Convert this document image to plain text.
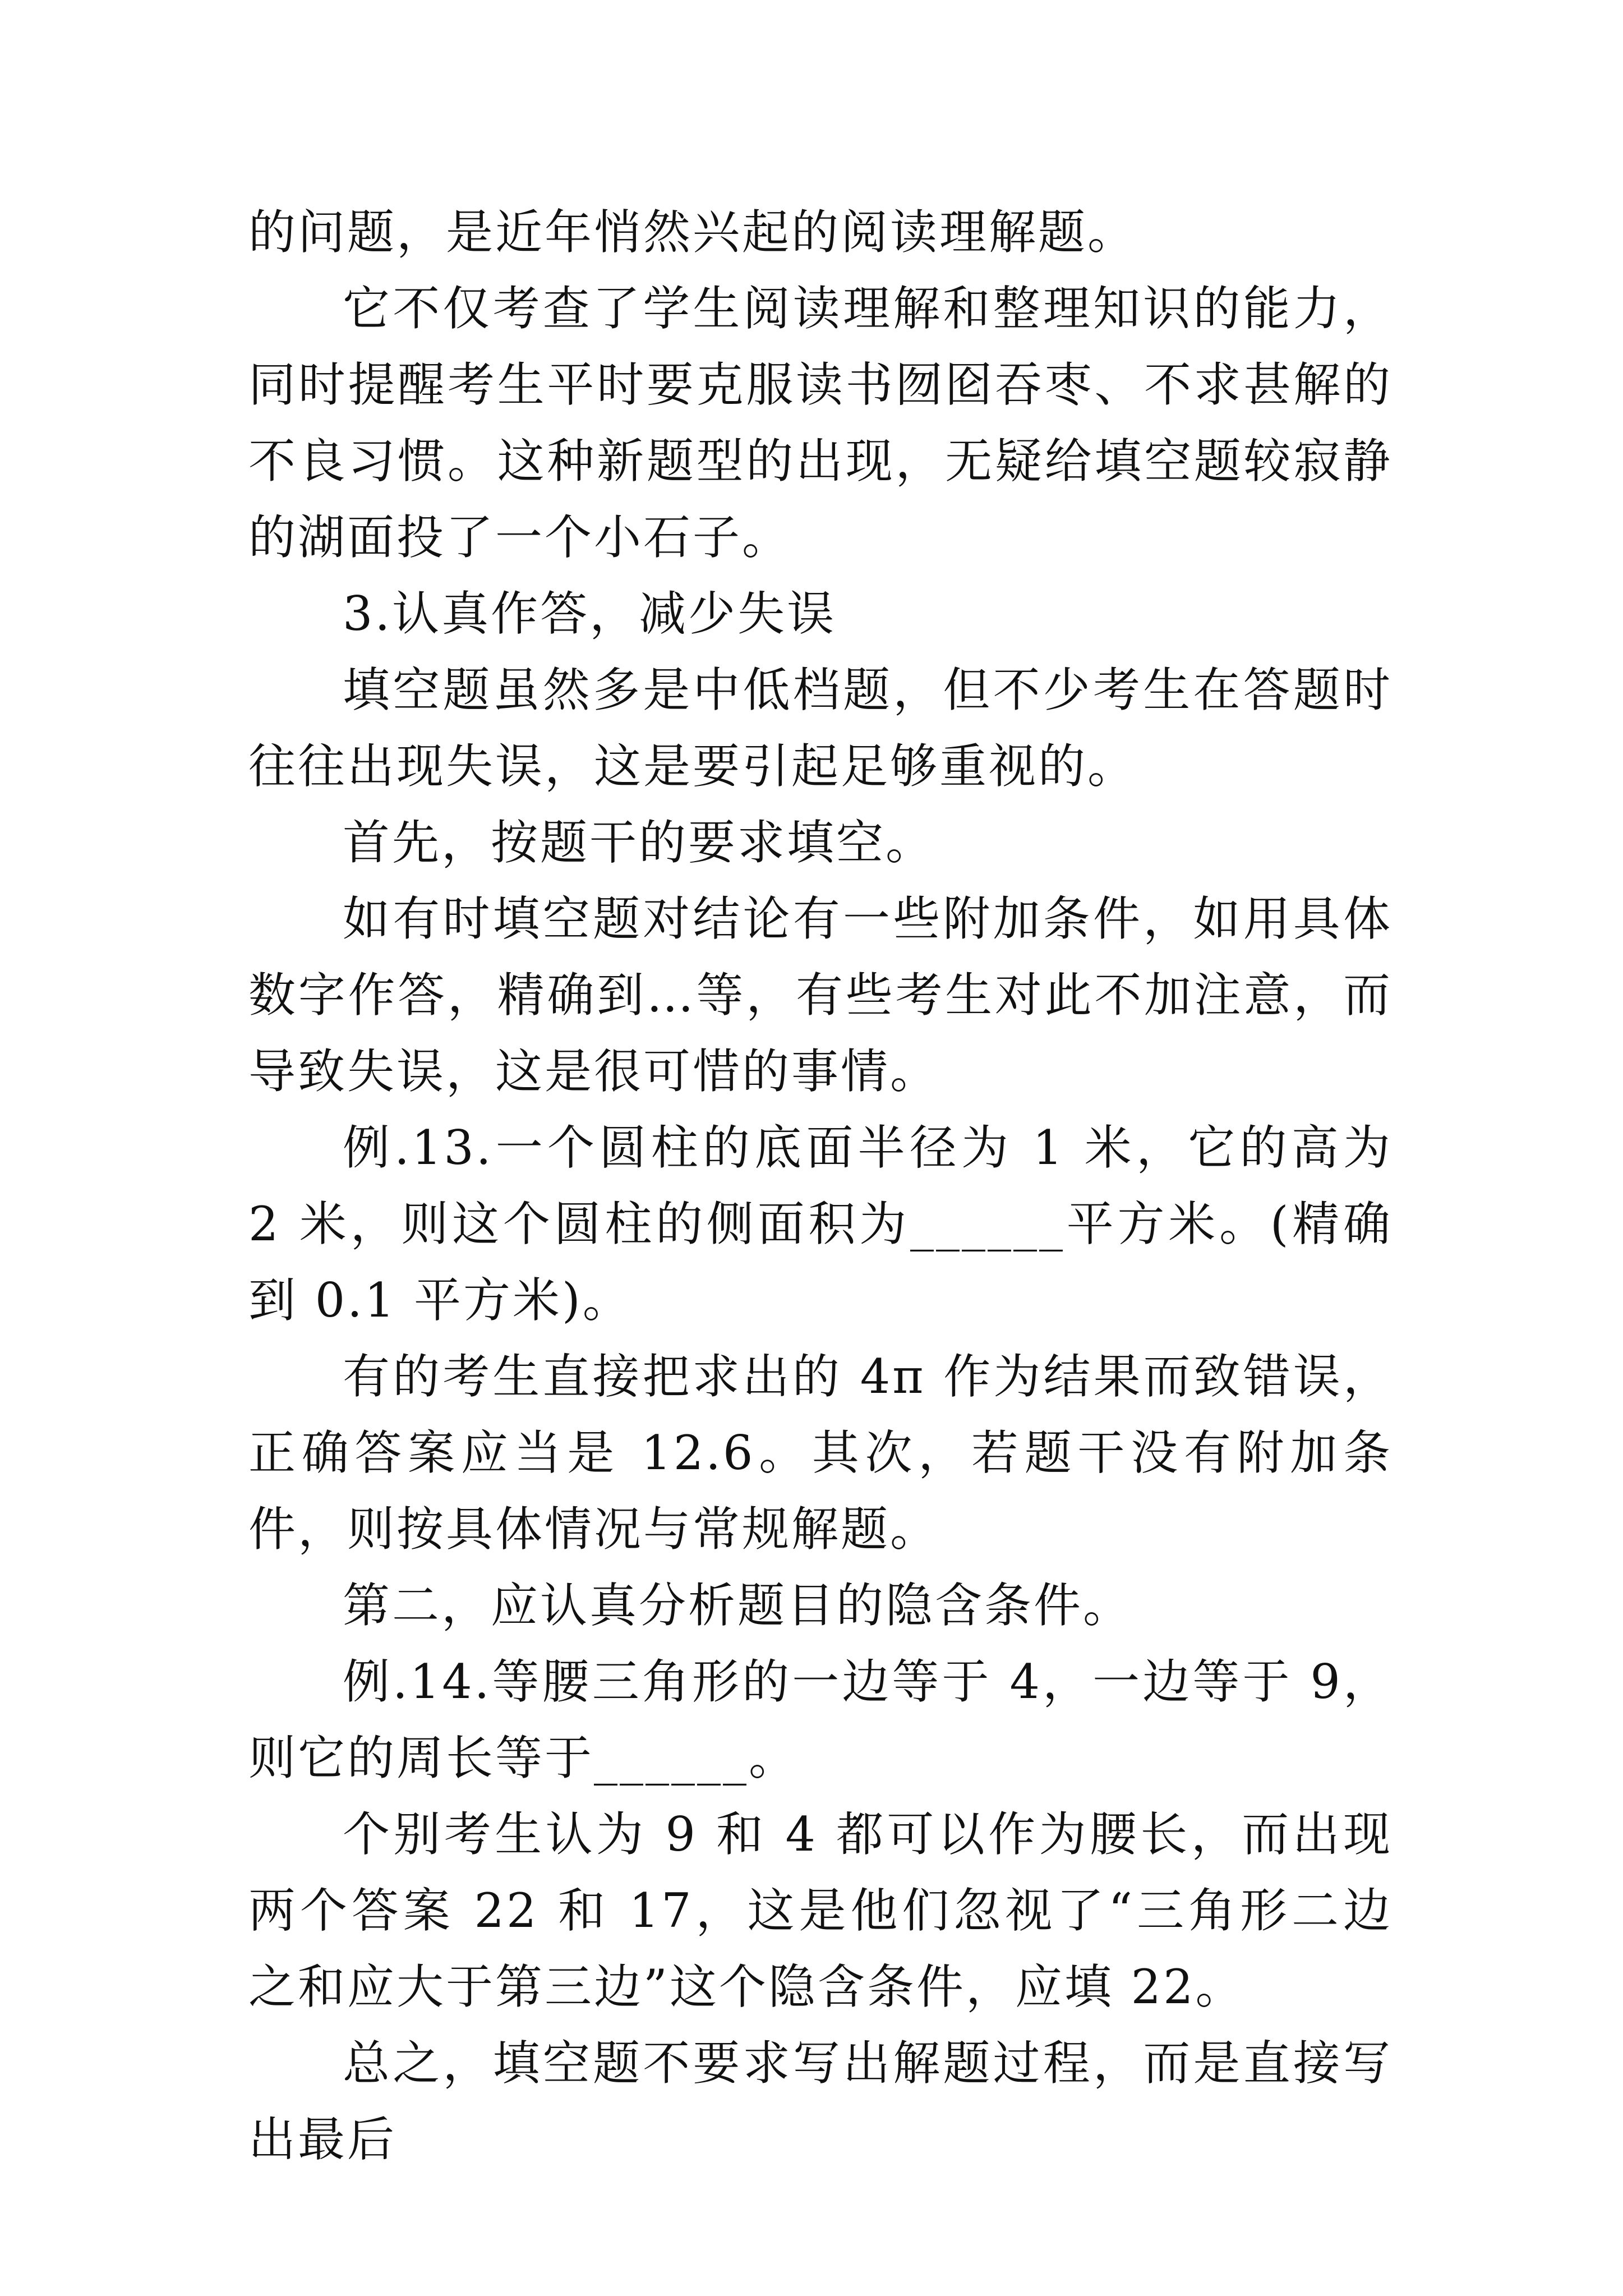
的问题，是近年悄然兴起的阅读理解题。

它不仅考查了学生阅读理解和整理知识的能力，同时提醒考生平时要克服读书囫囵吞枣、不求甚解的不良习惯。这种新题型的出现，无疑给填空题较寂静的湖面投了一个小石子。

3.认真作答，减少失误

填空题虽然多是中低档题，但不少考生在答题时往往出现失误，这是要引起足够重视的。

首先，按题干的要求填空。

如有时填空题对结论有一些附加条件，如用具体数字作答，精确到…等，有些考生对此不加注意，而导致失误，这是很可惜的事情。

例.13.一个圆柱的底面半径为 1 米，它的高为 2 米，则这个圆柱的侧面积为______平方米。(精确到 0.1 平方米)。

有的考生直接把求出的 4π 作为结果而致错误，正确答案应当是 12.6。其次，若题干没有附加条件，则按具体情况与常规解题。

第二，应认真分析题目的隐含条件。

例.14.等腰三角形的一边等于 4，一边等于 9，则它的周长等于______。

个别考生认为 9 和 4 都可以作为腰长，而出现两个答案 22 和 17，这是他们忽视了“三角形二边之和应大于第三边”这个隐含条件，应填 22。

总之，填空题不要求写出解题过程，而是直接写出最后
